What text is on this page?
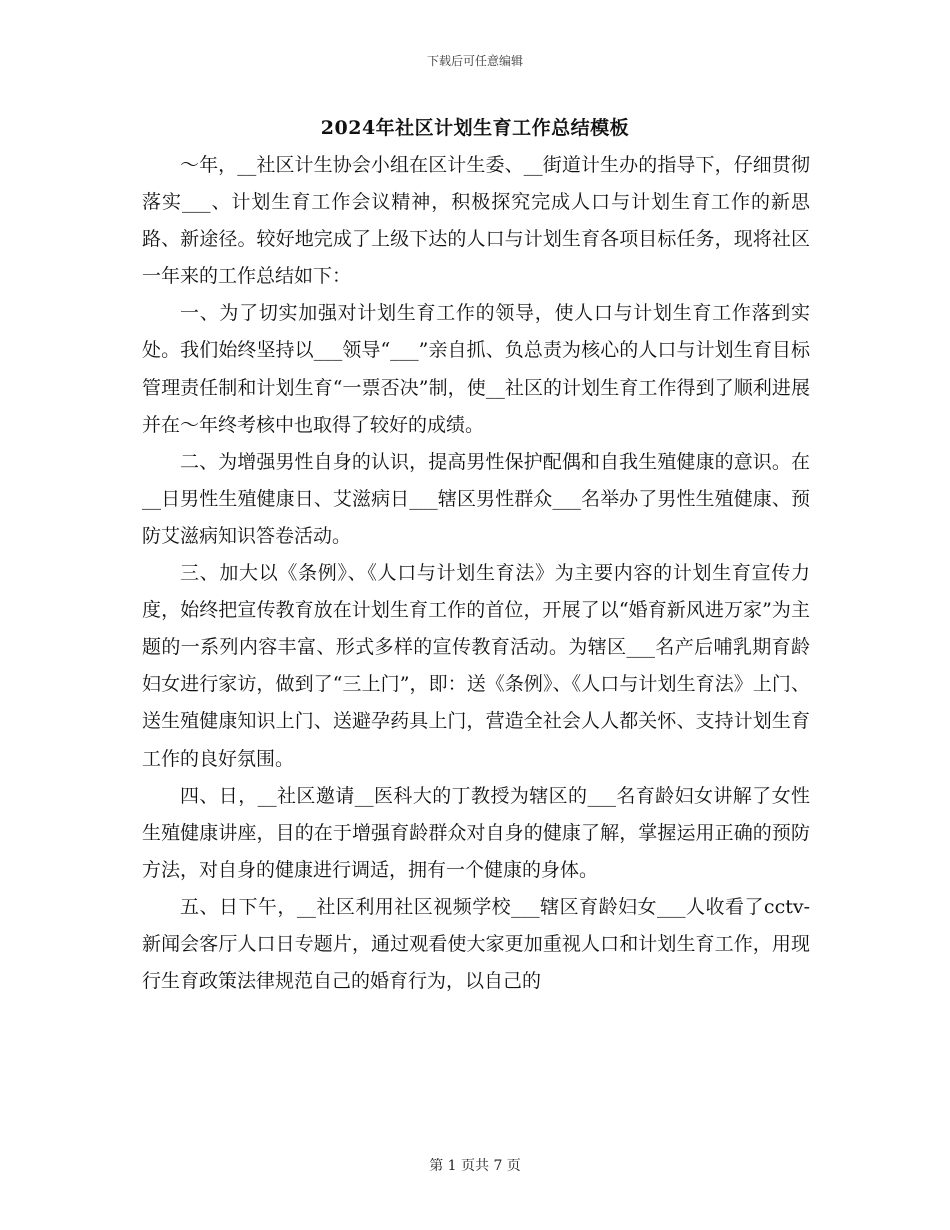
下载后可任意编辑
2024年社区计划生育工作总结模板

～年，__社区计生协会小组在区计生委、__街道计生办的指导下，仔细贯彻落实___、计划生育工作会议精神，积极探究完成人口与计划生育工作的新思路、新途径。较好地完成了上级下达的人口与计划生育各项目标任务，现将社区一年来的工作总结如下：

一、为了切实加强对计划生育工作的领导，使人口与计划生育工作落到实处。我们始终坚持以___领导“___”亲自抓、负总责为核心的人口与计划生育目标管理责任制和计划生育“一票否决”制，使__社区的计划生育工作得到了顺利进展并在～年终考核中也取得了较好的成绩。

二、为增强男性自身的认识，提高男性保护配偶和自我生殖健康的意识。在__日男性生殖健康日、艾滋病日___辖区男性群众___名举办了男性生殖健康、预防艾滋病知识答卷活动。

三、加大以《条例》、《人口与计划生育法》为主要内容的计划生育宣传力度，始终把宣传教育放在计划生育工作的首位，开展了以“婚育新风进万家”为主题的一系列内容丰富、形式多样的宣传教育活动。为辖区___名产后哺乳期育龄妇女进行家访，做到了“三上门”，即：送《条例》、《人口与计划生育法》上门、送生殖健康知识上门、送避孕药具上门，营造全社会人人都关怀、支持计划生育工作的良好氛围。

四、日，__社区邀请__医科大的丁教授为辖区的___名育龄妇女讲解了女性生殖健康讲座，目的在于增强育龄群众对自身的健康了解，掌握运用正确的预防方法，对自身的健康进行调适，拥有一个健康的身体。

五、日下午，__社区利用社区视频学校___辖区育龄妇女___人收看了cctv-新闻会客厅人口日专题片，通过观看使大家更加重视人口和计划生育工作，用现行生育政策法律规范自己的婚育行为，以自己的

第 1 页共 7 页
